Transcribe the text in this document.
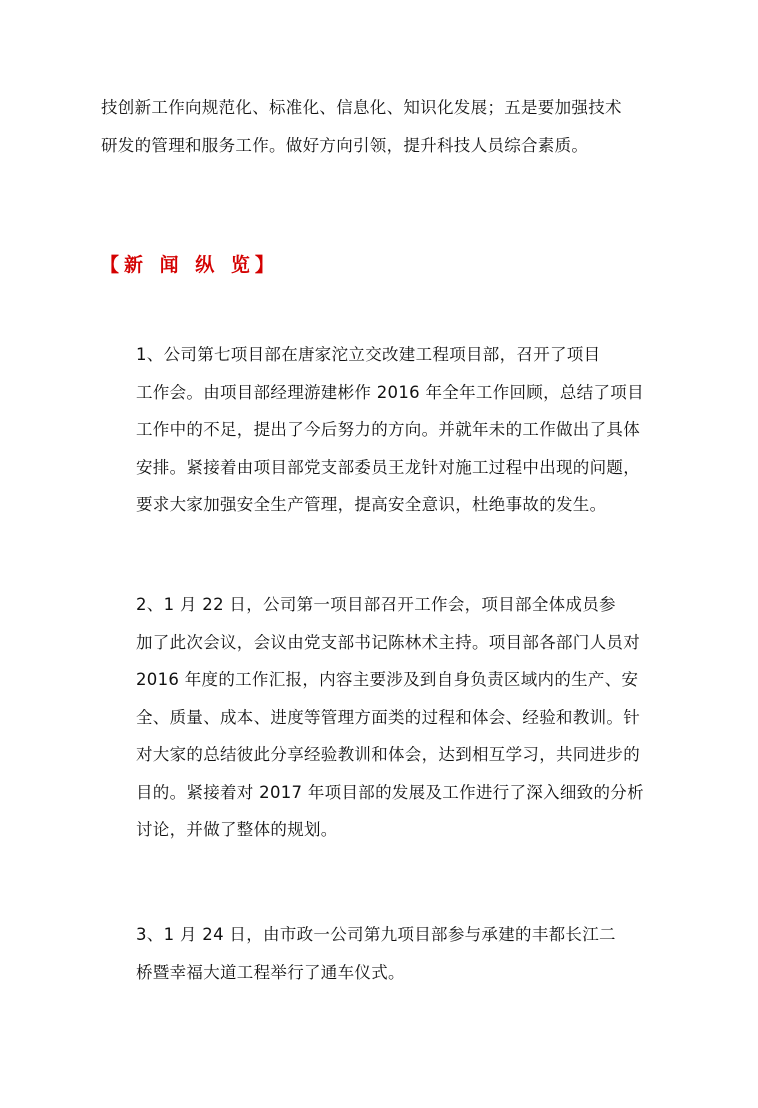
技创新工作向规范化、标准化、信息化、知识化发展；五是要加强技术
研发的管理和服务工作。做好方向引领，提升科技人员综合素质。

【新 闻 纵 览】

1、公司第七项目部在唐家沱立交改建工程项目部，召开了项目
工作会。由项目部经理游建彬作 2016 年全年工作回顾，总结了项目
工作中的不足，提出了今后努力的方向。并就年未的工作做出了具体
安排。紧接着由项目部党支部委员王龙针对施工过程中出现的问题，
要求大家加强安全生产管理，提高安全意识，杜绝事故的发生。

2、1 月 22 日，公司第一项目部召开工作会，项目部全体成员参
加了此次会议，会议由党支部书记陈林术主持。项目部各部门人员对
2016 年度的工作汇报，内容主要涉及到自身负责区域内的生产、安
全、质量、成本、进度等管理方面类的过程和体会、经验和教训。针
对大家的总结彼此分享经验教训和体会，达到相互学习，共同进步的
目的。紧接着对 2017 年项目部的发展及工作进行了深入细致的分析
讨论，并做了整体的规划。

3、1 月 24 日，由市政一公司第九项目部参与承建的丰都长江二
桥暨幸福大道工程举行了通车仪式。
